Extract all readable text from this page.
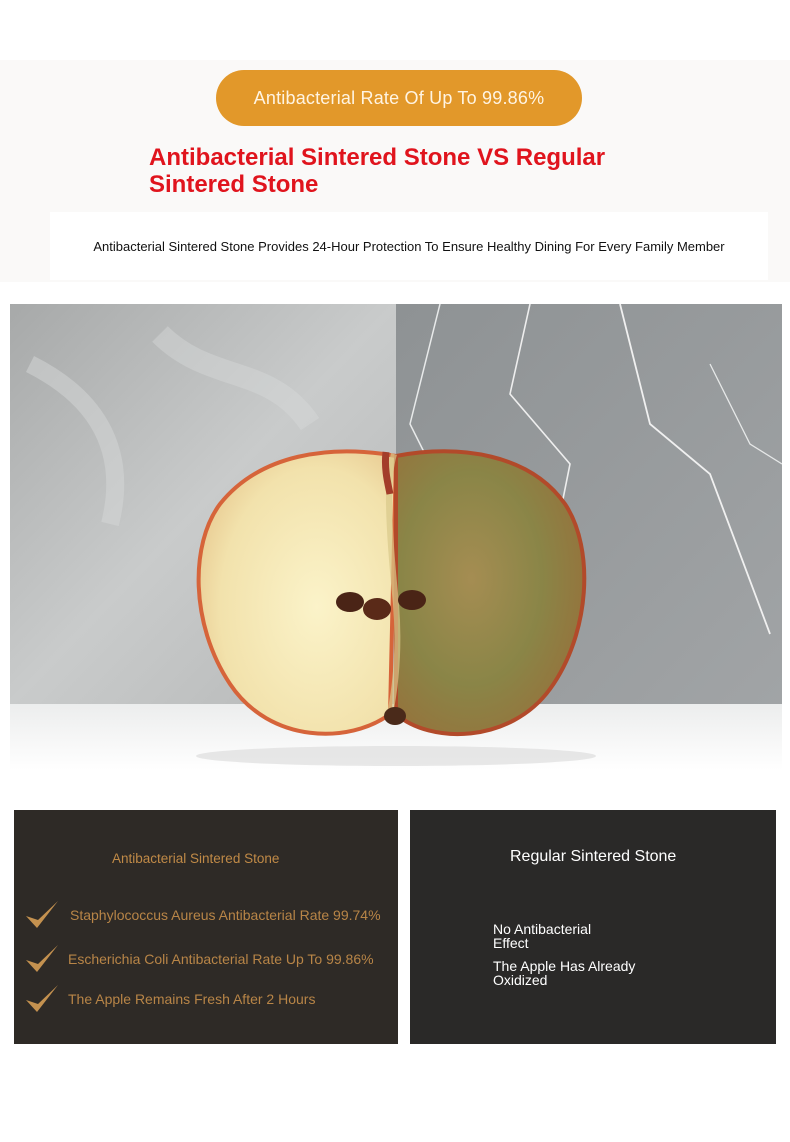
Antibacterial Rate Of Up To 99.86%
Antibacterial Sintered Stone VS Regular Sintered Stone
Antibacterial Sintered Stone Provides 24-Hour Protection To Ensure Healthy Dining For Every Family Member
Antibacterial Sintered Stone
Staphylococcus Aureus Antibacterial Rate 99.74%
Escherichia Coli Antibacterial Rate Up To 99.86%
The Apple Remains Fresh After 2 Hours
Regular Sintered Stone
No Antibacterial Effect
The Apple Has Already Oxidized
